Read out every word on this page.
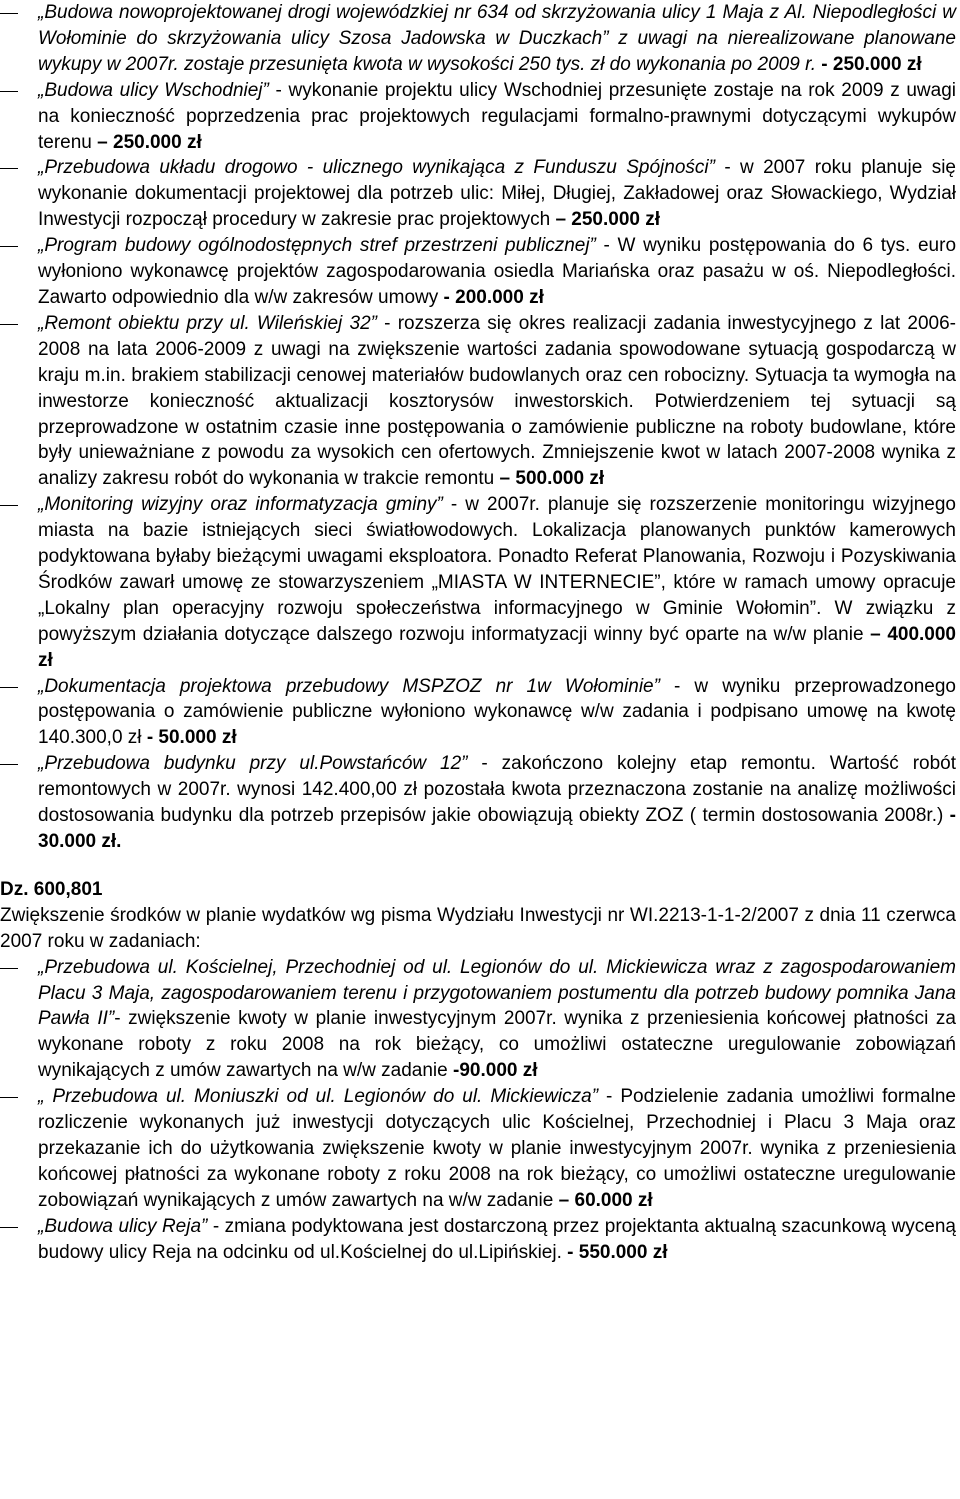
„Budowa nowoprojektowanej drogi wojewódzkiej nr 634 od skrzyżowania ulicy 1 Maja z Al. Niepodległości w Wołominie do skrzyżowania ulicy Szosa Jadowska w Duczkach” z uwagi na nierealizowane planowane wykupy w 2007r. zostaje przesunięta kwota w wysokości 250 tys. zł do wykonania po 2009 r. - 250.000 zł
„Budowa ulicy Wschodniej” - wykonanie projektu ulicy Wschodniej przesunięte zostaje na rok 2009 z uwagi na konieczność poprzedzenia prac projektowych regulacjami formalno-prawnymi dotyczącymi wykupów terenu – 250.000 zł
„Przebudowa układu drogowo - ulicznego wynikająca z Funduszu Spójności” - w 2007 roku planuje się wykonanie dokumentacji projektowej dla potrzeb ulic: Miłej, Długiej, Zakładowej oraz Słowackiego, Wydział Inwestycji rozpoczął procedury w zakresie prac projektowych – 250.000 zł
„Program budowy ogólnodostępnych stref przestrzeni publicznej” - W wyniku postępowania do 6 tys. euro wyłoniono wykonawcę projektów zagospodarowania osiedla Mariańska oraz pasażu w oś. Niepodległości. Zawarto odpowiednio dla w/w zakresów umowy - 200.000 zł
„Remont obiektu przy ul. Wileńskiej 32” - rozszerza się okres realizacji zadania inwestycyjnego z lat 2006-2008 na lata 2006-2009 z uwagi na zwiększenie wartości zadania spowodowane sytuacją gospodarczą w kraju m.in. brakiem stabilizacji cenowej materiałów budowlanych oraz cen robocizny. Sytuacja ta wymogła na inwestorze konieczność aktualizacji kosztorysów inwestorskich. Potwierdzeniem tej sytuacji są przeprowadzone w ostatnim czasie inne postępowania o zamówienie publiczne na roboty budowlane, które były unieważniane z powodu za wysokich cen ofertowych. Zmniejszenie kwot w latach 2007-2008 wynika z analizy zakresu robót do wykonania w trakcie remontu – 500.000 zł
„Monitoring wizyjny oraz informatyzacja gminy” - w 2007r. planuje się rozszerzenie monitoringu wizyjnego miasta na bazie istniejących sieci światłowodowych. Lokalizacja planowanych punktów kamerowych podyktowana byłaby bieżącymi uwagami eksploatora. Ponadto Referat Planowania, Rozwoju i Pozyskiwania Środków zawarł umowę ze stowarzyszeniem „MIASTA W INTERNECIE”, które w ramach umowy opracuje „Lokalny plan operacyjny rozwoju społeczeństwa informacyjnego w Gminie Wołomin”. W związku z powyższym działania dotyczące dalszego rozwoju informatyzacji winny być oparte na w/w planie – 400.000 zł
„Dokumentacja projektowa przebudowy MSPZOZ nr 1w Wołominie” - w wyniku przeprowadzonego postępowania o zamówienie publiczne wyłoniono wykonawcę w/w zadania i podpisano umowę na kwotę 140.300,0 zł - 50.000 zł
„Przebudowa budynku przy ul.Powstańców 12” - zakończono kolejny etap remontu. Wartość robót remontowych w 2007r. wynosi 142.400,00 zł pozostała kwota przeznaczona zostanie na analizę możliwości dostosowania budynku dla potrzeb przepisów jakie obowiązują obiekty ZOZ ( termin dostosowania 2008r.) - 30.000 zł.
Dz. 600,801
Zwiększenie środków w planie wydatków wg pisma Wydziału Inwestycji nr WI.2213-1-1-2/2007 z dnia 11 czerwca 2007 roku w zadaniach:
„Przebudowa ul. Kościelnej, Przechodniej od ul. Legionów do ul. Mickiewicza wraz z zagospodarowaniem Placu 3 Maja, zagospodarowaniem terenu i przygotowaniem postumentu dla potrzeb budowy pomnika Jana Pawła II”- zwiększenie kwoty w planie inwestycyjnym 2007r. wynika z przeniesienia końcowej płatności za wykonane roboty z roku 2008 na rok bieżący, co umożliwi ostateczne uregulowanie zobowiązań wynikających z umów zawartych na w/w zadanie -90.000 zł
„ Przebudowa ul. Moniuszki od ul. Legionów do ul. Mickiewicza” - Podzielenie zadania umożliwi formalne rozliczenie wykonanych już inwestycji dotyczących ulic Kościelnej, Przechodniej i Placu 3 Maja oraz przekazanie ich do użytkowania zwiększenie kwoty w planie inwestycyjnym 2007r. wynika z przeniesienia końcowej płatności za wykonane roboty z roku 2008 na rok bieżący, co umożliwi ostateczne uregulowanie zobowiązań wynikających z umów zawartych na w/w zadanie – 60.000 zł
„Budowa ulicy Reja” - zmiana podyktowana jest dostarczoną przez projektanta aktualną szacunkową wyceną budowy ulicy Reja na odcinku od ul.Kościelnej do ul.Lipińskiej. - 550.000 zł
